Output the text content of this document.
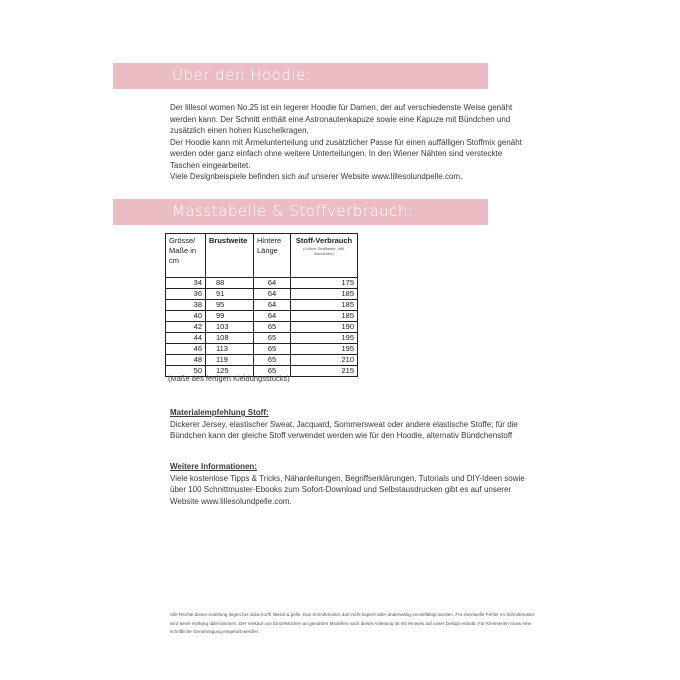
Über den Hoodie:

Der lillesol women No.25 ist ein legerer Hoodie für Damen, der auf verschiedenste Weise genäht werden kann. Der Schnitt enthält eine Astronautenkapuze sowie eine Kapuze mit Bündchen und zusätzlich einen hohen Kuschelkragen.

Der Hoodie kann mit Ärmelunterteilung und zusätzlicher Passe für einen auffälligen Stoffmix genäht werden oder ganz einfach ohne weitere Unterteilungen. In den Wiener Nähten sind versteckte Taschen eingearbeitet.

Viele Designbeispiele befinden sich auf unserer Website www.lillesolundpelle.com.

Masstabelle & Stoffverbrauch:
Grösse/ Maße in cm	Brustweite	Hintere Länge	Stoff-Verbrauch
(140cm Stoffbreite, inkl. Bündchen)

34	88	64	175
36	91	64	185
38	95	64	185
40	99	64	185
42	103	65	190
44	108	65	195
46	113	65	195
48	119	65	210
50	125	65	215
(Maße des fertigen Kleidungsstücks)
Materialempfehlung Stoff:

Dickerer Jersey, elastischer Sweat, Jacquard, Sommersweat oder andere elastische Stoffe; für die Bündchen kann der gleiche Stoff verwendet werden wie für den Hoodie, alternativ Bündchenstoff

Weitere Informationen:

Viele kostenlose Tipps & Tricks, Nähanleitungen, Begriffserklärungen, Tutorials und DIY-Ideen sowie über 100 Schnittmuster-Ebooks zum Sofort-Download und Selbstausdrucken gibt es auf unserer Website www.lillesolundpelle.com.

Alle Rechte dieser Anleitung liegen bei Julia Korff/ lillesol & pelle. Das Schnittmuster darf nicht kopiert oder anderweitig vervielfältigt werden. Für eventuelle Fehler im Schnittmuster wird keine Haftung übernommen. Der Verkauf von Einzelstücken an genähten Modellen nach dieser Anleitung ist mit Hinweis auf unser Design erlaubt. Für Kleinserien muss eine schriftliche Genehmigung eingeholt werden.
